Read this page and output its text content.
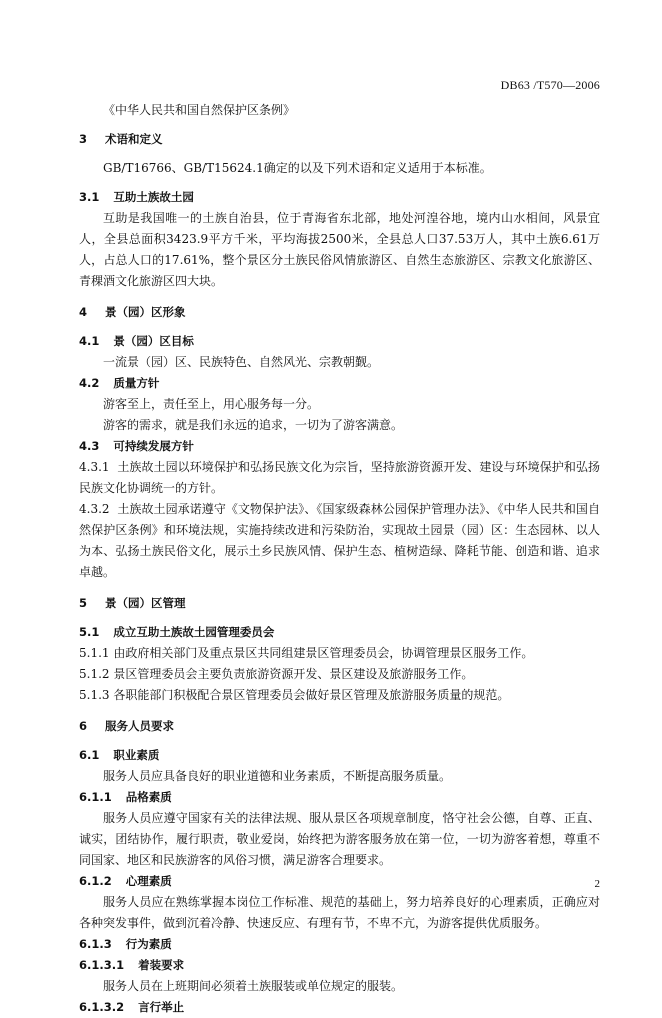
DB63 /T570—2006
《中华人民共和国自然保护区条例》
3 术语和定义
GB/T16766、GB/T15624.1确定的以及下列术语和定义适用于本标准。
3.1 互助土族故土园
互助是我国唯一的土族自治县，位于青海省东北部，地处河湟谷地，境内山水相间，风景宜人，全县总面积3423.9平方千米，平均海拔2500米，全县总人口37.53万人，其中土族6.61万人，占总人口的17.61%，整个景区分土族民俗风情旅游区、自然生态旅游区、宗教文化旅游区、青稞酒文化旅游区四大块。
4 景（园）区形象
4.1 景（园）区目标
一流景（园）区、民族特色、自然风光、宗教朝觐。
4.2 质量方针
游客至上，责任至上，用心服务每一分。
游客的需求，就是我们永远的追求，一切为了游客满意。
4.3 可持续发展方针
4.3.1 土族故土园以环境保护和弘扬民族文化为宗旨，坚持旅游资源开发、建设与环境保护和弘扬民族文化协调统一的方针。
4.3.2 土族故土园承诺遵守《文物保护法》、《国家级森林公园保护管理办法》、《中华人民共和国自然保护区条例》和环境法规，实施持续改进和污染防治，实现故土园景（园）区：生态园林、以人为本、弘扬土族民俗文化，展示土乡民族风情、保护生态、植树造绿、降耗节能、创造和谐、追求卓越。
5 景（园）区管理
5.1 成立互助土族故土园管理委员会
5.1.1 由政府相关部门及重点景区共同组建景区管理委员会，协调管理景区服务工作。
5.1.2 景区管理委员会主要负责旅游资源开发、景区建设及旅游服务工作。
5.1.3 各职能部门积极配合景区管理委员会做好景区管理及旅游服务质量的规范。
6 服务人员要求
6.1 职业素质
服务人员应具备良好的职业道德和业务素质，不断提高服务质量。
6.1.1 品格素质
服务人员应遵守国家有关的法律法规、服从景区各项规章制度，恪守社会公德，自尊、正直、诚实，团结协作，履行职责，敬业爱岗，始终把为游客服务放在第一位，一切为游客着想，尊重不同国家、地区和民族游客的风俗习惯，满足游客合理要求。
6.1.2 心理素质
服务人员应在熟练掌握本岗位工作标准、规范的基础上，努力培养良好的心理素质，正确应对各种突发事件，做到沉着冷静、快速反应、有理有节，不卑不亢，为游客提供优质服务。
6.1.3 行为素质
6.1.3.1 着装要求
服务人员在上班期间必须着土族服装或单位规定的服装。
6.1.3.2 言行举止
2
